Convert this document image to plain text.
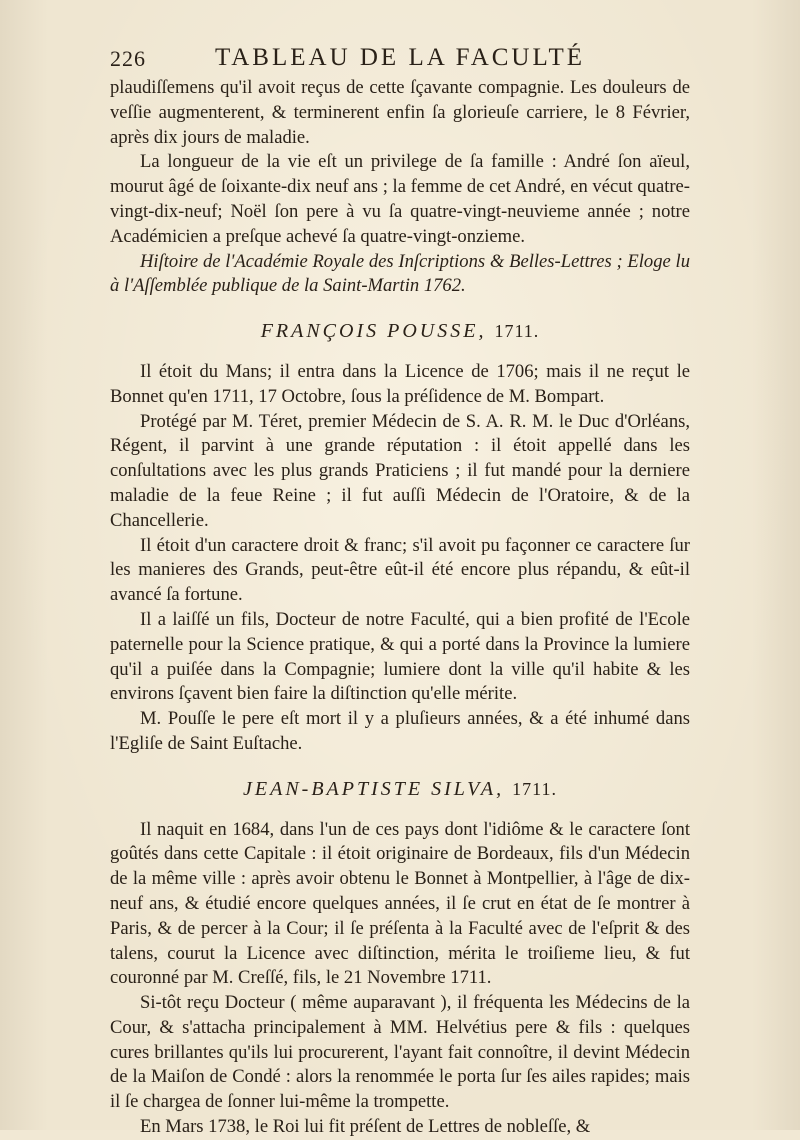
226	TABLEAU DE LA FACULTÉ

plaudiſſemens qu'il avoit reçus de cette ſçavante compagnie. Les douleurs de veſſie augmenterent, & terminerent enfin ſa glorieuſe carriere, le 8 Février, après dix jours de maladie.

La longueur de la vie eſt un privilege de ſa famille : André ſon aïeul, mourut âgé de ſoixante-dix neuf ans ; la femme de cet André, en vécut quatre-vingt-dix-neuf; Noël ſon pere à vu ſa quatre-vingt-neuvieme année ; notre Académicien a preſque achevé ſa quatre-vingt-onzieme.

Hiſtoire de l'Académie Royale des Inſcriptions & Belles-Lettres ; Eloge lu à l'Aſſemblée publique de la Saint-Martin 1762.

FRANÇOIS POUSSE, 1711.

Il étoit du Mans; il entra dans la Licence de 1706; mais il ne reçut le Bonnet qu'en 1711, 17 Octobre, ſous la préſidence de M. Bompart.

Protégé par M. Téret, premier Médecin de S. A. R. M. le Duc d'Orléans, Régent, il parvint à une grande réputation : il étoit appellé dans les conſultations avec les plus grands Praticiens ; il fut mandé pour la derniere maladie de la feue Reine ; il fut auſſi Médecin de l'Oratoire, & de la Chancellerie.

Il étoit d'un caractere droit & franc; s'il avoit pu façonner ce caractere ſur les manieres des Grands, peut-être eût-il été encore plus répandu, & eût-il avancé ſa fortune.

Il a laiſſé un fils, Docteur de notre Faculté, qui a bien profité de l'Ecole paternelle pour la Science pratique, & qui a porté dans la Province la lumiere qu'il a puiſée dans la Compagnie; lumiere dont la ville qu'il habite & les environs ſçavent bien faire la diſtinction qu'elle mérite.

M. Pouſſe le pere eſt mort il y a pluſieurs années, & a été inhumé dans l'Egliſe de Saint Euſtache.

JEAN-BAPTISTE SILVA, 1711.

Il naquit en 1684, dans l'un de ces pays dont l'idiôme & le caractere ſont goûtés dans cette Capitale : il étoit originaire de Bordeaux, fils d'un Médecin de la même ville : après avoir obtenu le Bonnet à Montpellier, à l'âge de dix-neuf ans, & étudié encore quelques années, il ſe crut en état de ſe montrer à Paris, & de percer à la Cour; il ſe préſenta à la Faculté avec de l'eſprit & des talens, courut la Licence avec diſtinction, mérita le troiſieme lieu, & fut couronné par M. Creſſé, fils, le 21 Novembre 1711.

Si-tôt reçu Docteur ( même auparavant ), il fréquenta les Médecins de la Cour, & s'attacha principalement à MM. Helvétius pere & fils : quelques cures brillantes qu'ils lui procurerent, l'ayant fait connoître, il devint Médecin de la Maiſon de Condé : alors la renommée le porta ſur ſes ailes rapides; mais il ſe chargea de ſonner lui-même la trompette.

En Mars 1738, le Roi lui fit préſent de Lettres de nobleſſe, &
